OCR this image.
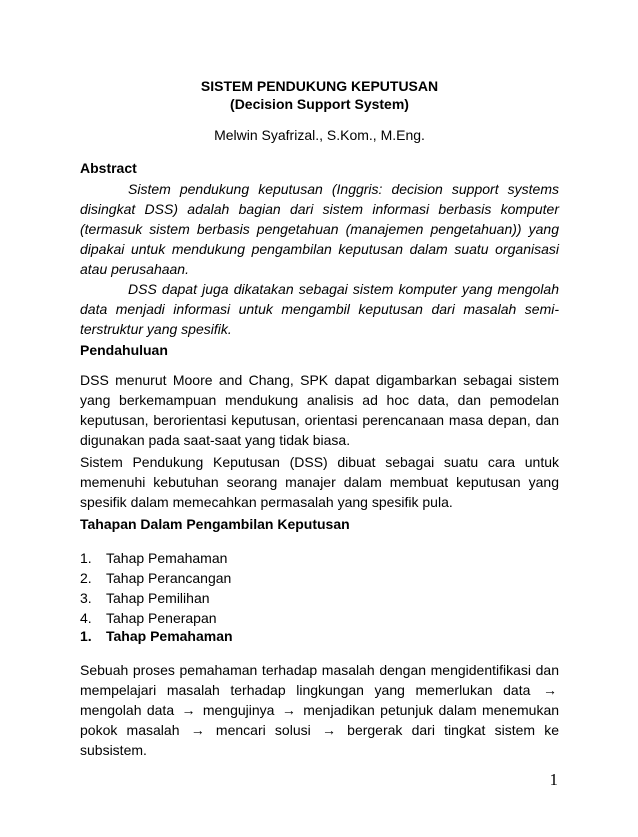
SISTEM PENDUKUNG KEPUTUSAN
(Decision Support System)
Melwin Syafrizal., S.Kom., M.Eng.
Abstract

Sistem pendukung keputusan (Inggris: decision support systems disingkat DSS) adalah bagian dari sistem informasi berbasis komputer (termasuk sistem berbasis pengetahuan (manajemen pengetahuan)) yang dipakai untuk mendukung pengambilan keputusan dalam suatu organisasi atau perusahaan.

DSS dapat juga dikatakan sebagai sistem komputer yang mengolah data menjadi informasi untuk mengambil keputusan dari masalah semi-terstruktur yang spesifik.

Pendahuluan

DSS menurut Moore and Chang, SPK dapat digambarkan sebagai sistem yang berkemampuan mendukung analisis ad hoc data, dan pemodelan keputusan, berorientasi keputusan, orientasi perencanaan masa depan, dan digunakan pada saat-saat yang tidak biasa.

Sistem Pendukung Keputusan (DSS) dibuat sebagai suatu cara untuk memenuhi kebutuhan seorang manajer dalam membuat keputusan yang spesifik dalam memecahkan permasalah yang spesifik pula.

Tahapan Dalam Pengambilan Keputusan
1.	Tahap Pemahaman
2.	Tahap Perancangan
3.	Tahap Pemilihan
4.	Tahap Penerapan
1.	Tahap Pemahaman

Sebuah proses pemahaman terhadap masalah dengan mengidentifikasi dan mempelajari masalah terhadap lingkungan yang memerlukan data → mengolah data → mengujinya → menjadikan petunjuk dalam menemukan pokok masalah → mencari solusi → bergerak dari tingkat sistem ke subsistem.

1
